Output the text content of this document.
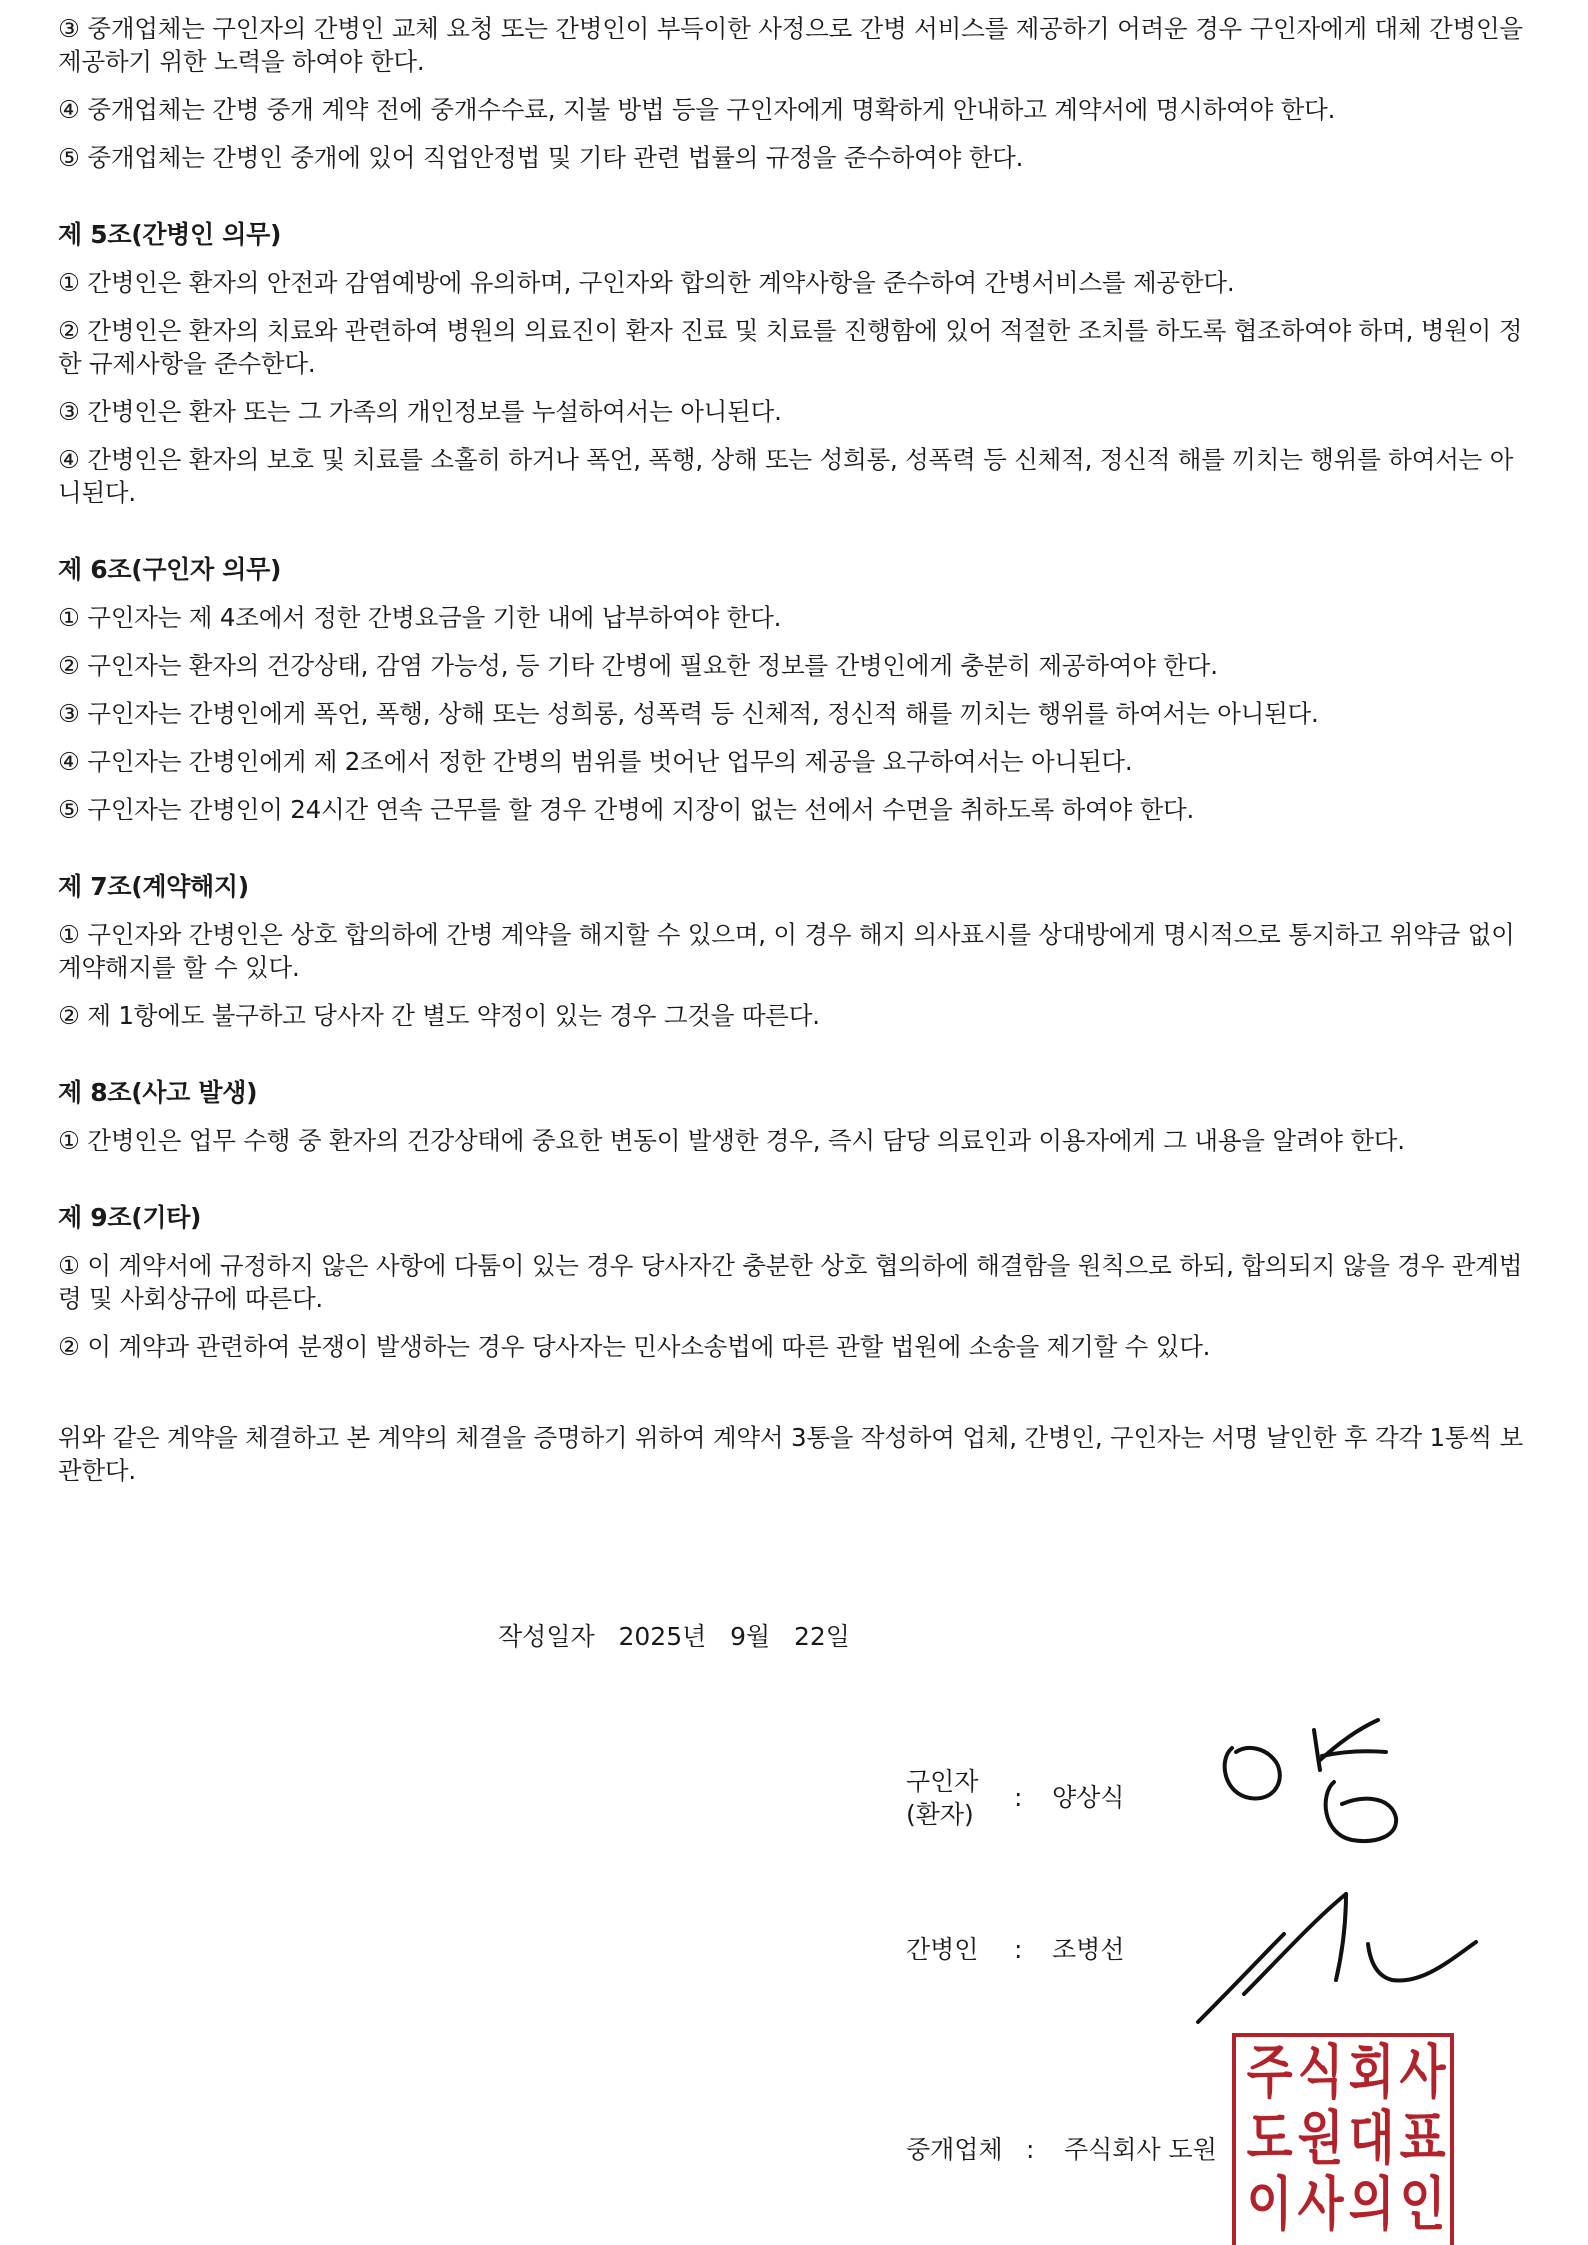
③ 중개업체는 구인자의 간병인 교체 요청 또는 간병인이 부득이한 사정으로 간병 서비스를 제공하기 어려운 경우 구인자에게 대체 간병인을 제공하기 위한 노력을 하여야 한다.

④ 중개업체는 간병 중개 계약 전에 중개수수료, 지불 방법 등을 구인자에게 명확하게 안내하고 계약서에 명시하여야 한다.

⑤ 중개업체는 간병인 중개에 있어 직업안정법 및 기타 관련 법률의 규정을 준수하여야 한다.

제 5조(간병인 의무)

① 간병인은 환자의 안전과 감염예방에 유의하며, 구인자와 합의한 계약사항을 준수하여 간병서비스를 제공한다.

② 간병인은 환자의 치료와 관련하여 병원의 의료진이 환자 진료 및 치료를 진행함에 있어 적절한 조치를 하도록 협조하여야 하며, 병원이 정한 규제사항을 준수한다.

③ 간병인은 환자 또는 그 가족의 개인정보를 누설하여서는 아니된다.

④ 간병인은 환자의 보호 및 치료를 소홀히 하거나 폭언, 폭행, 상해 또는 성희롱, 성폭력 등 신체적, 정신적 해를 끼치는 행위를 하여서는 아니된다.

제 6조(구인자 의무)

① 구인자는 제 4조에서 정한 간병요금을 기한 내에 납부하여야 한다.

② 구인자는 환자의 건강상태, 감염 가능성, 등 기타 간병에 필요한 정보를 간병인에게 충분히 제공하여야 한다.

③ 구인자는 간병인에게 폭언, 폭행, 상해 또는 성희롱, 성폭력 등 신체적, 정신적 해를 끼치는 행위를 하여서는 아니된다.

④ 구인자는 간병인에게 제 2조에서 정한 간병의 범위를 벗어난 업무의 제공을 요구하여서는 아니된다.

⑤ 구인자는 간병인이 24시간 연속 근무를 할 경우 간병에 지장이 없는 선에서 수면을 취하도록 하여야 한다.

제 7조(계약해지)

① 구인자와 간병인은 상호 합의하에 간병 계약을 해지할 수 있으며, 이 경우 해지 의사표시를 상대방에게 명시적으로 통지하고 위약금 없이 계약해지를 할 수 있다.

② 제 1항에도 불구하고 당사자 간 별도 약정이 있는 경우 그것을 따른다.

제 8조(사고 발생)

① 간병인은 업무 수행 중 환자의 건강상태에 중요한 변동이 발생한 경우, 즉시 담당 의료인과 이용자에게 그 내용을 알려야 한다.

제 9조(기타)

① 이 계약서에 규정하지 않은 사항에 다툼이 있는 경우 당사자간 충분한 상호 협의하에 해결함을 원칙으로 하되, 합의되지 않을 경우 관계법령 및 사회상규에 따른다.

② 이 계약과 관련하여 분쟁이 발생하는 경우 당사자는 민사소송법에 따른 관할 법원에 소송을 제기할 수 있다.

위와 같은 계약을 체결하고 본 계약의 체결을 증명하기 위하여 계약서 3통을 작성하여 업체, 간병인, 구인자는 서명 날인한 후 각각 1통씩 보관한다.

작성일자   2025년   9월   22일
구인자
(환자)
: 양상식
간병인 : 조병선
중개업체 : 주식회사 도원
주 식 회 사
도 원 대 표
이 사 의 인
